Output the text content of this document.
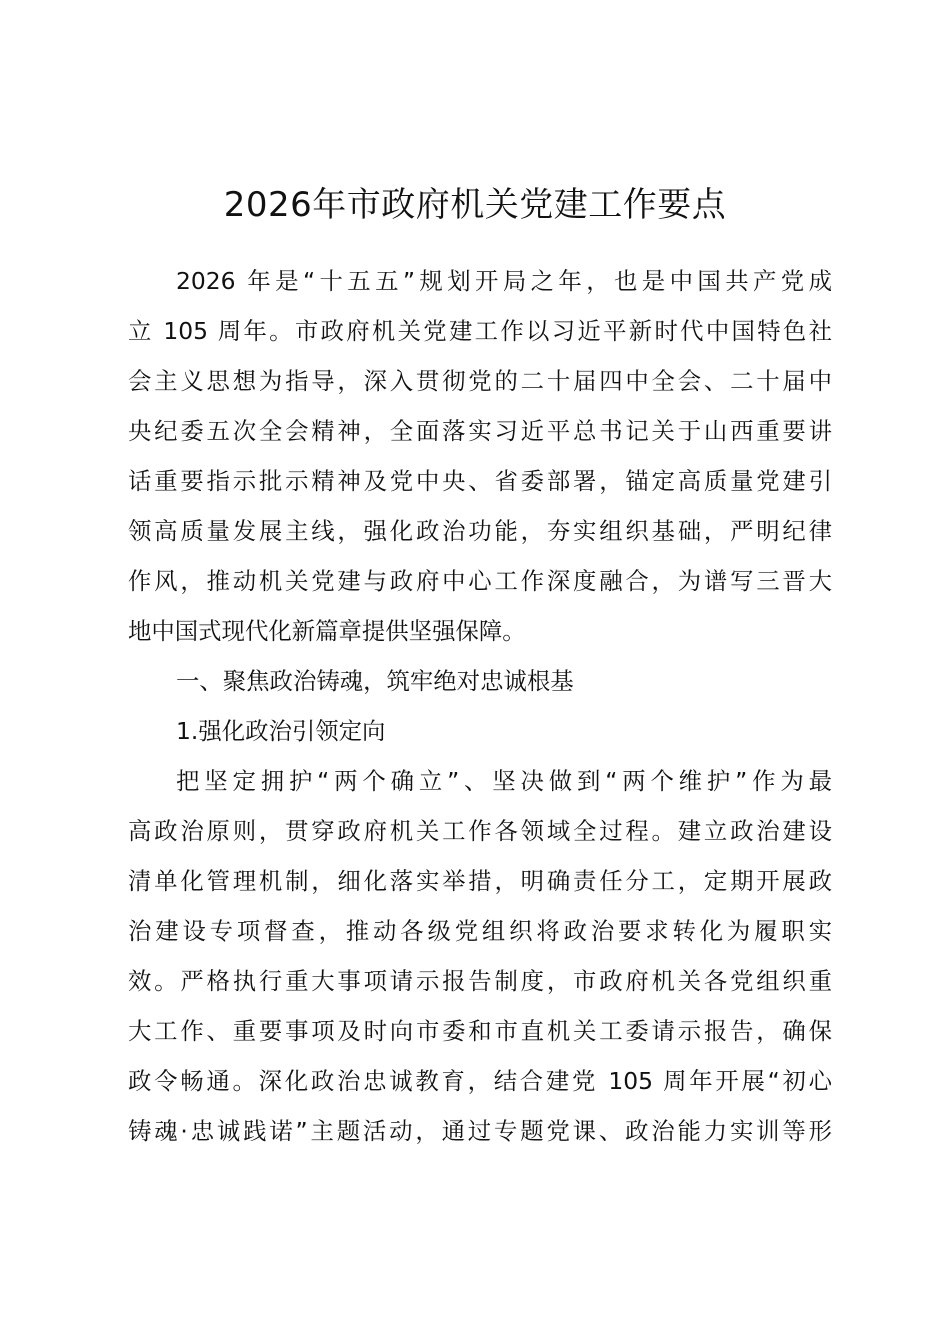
2026年市政府机关党建工作要点
2026 年是“十五五”规划开局之年，也是中国共产党成
立 105 周年。市政府机关党建工作以习近平新时代中国特色社
会主义思想为指导，深入贯彻党的二十届四中全会、二十届中
央纪委五次全会精神，全面落实习近平总书记关于山西重要讲
话重要指示批示精神及党中央、省委部署，锚定高质量党建引
领高质量发展主线，强化政治功能，夯实组织基础，严明纪律
作风，推动机关党建与政府中心工作深度融合，为谱写三晋大
地中国式现代化新篇章提供坚强保障。
一、聚焦政治铸魂，筑牢绝对忠诚根基
1.强化政治引领定向
把坚定拥护“两个确立”、坚决做到“两个维护”作为最
高政治原则，贯穿政府机关工作各领域全过程。建立政治建设
清单化管理机制，细化落实举措，明确责任分工，定期开展政
治建设专项督查，推动各级党组织将政治要求转化为履职实
效。严格执行重大事项请示报告制度，市政府机关各党组织重
大工作、重要事项及时向市委和市直机关工委请示报告，确保
政令畅通。深化政治忠诚教育，结合建党 105 周年开展“初心
铸魂·忠诚践诺”主题活动，通过专题党课、政治能力实训等形
